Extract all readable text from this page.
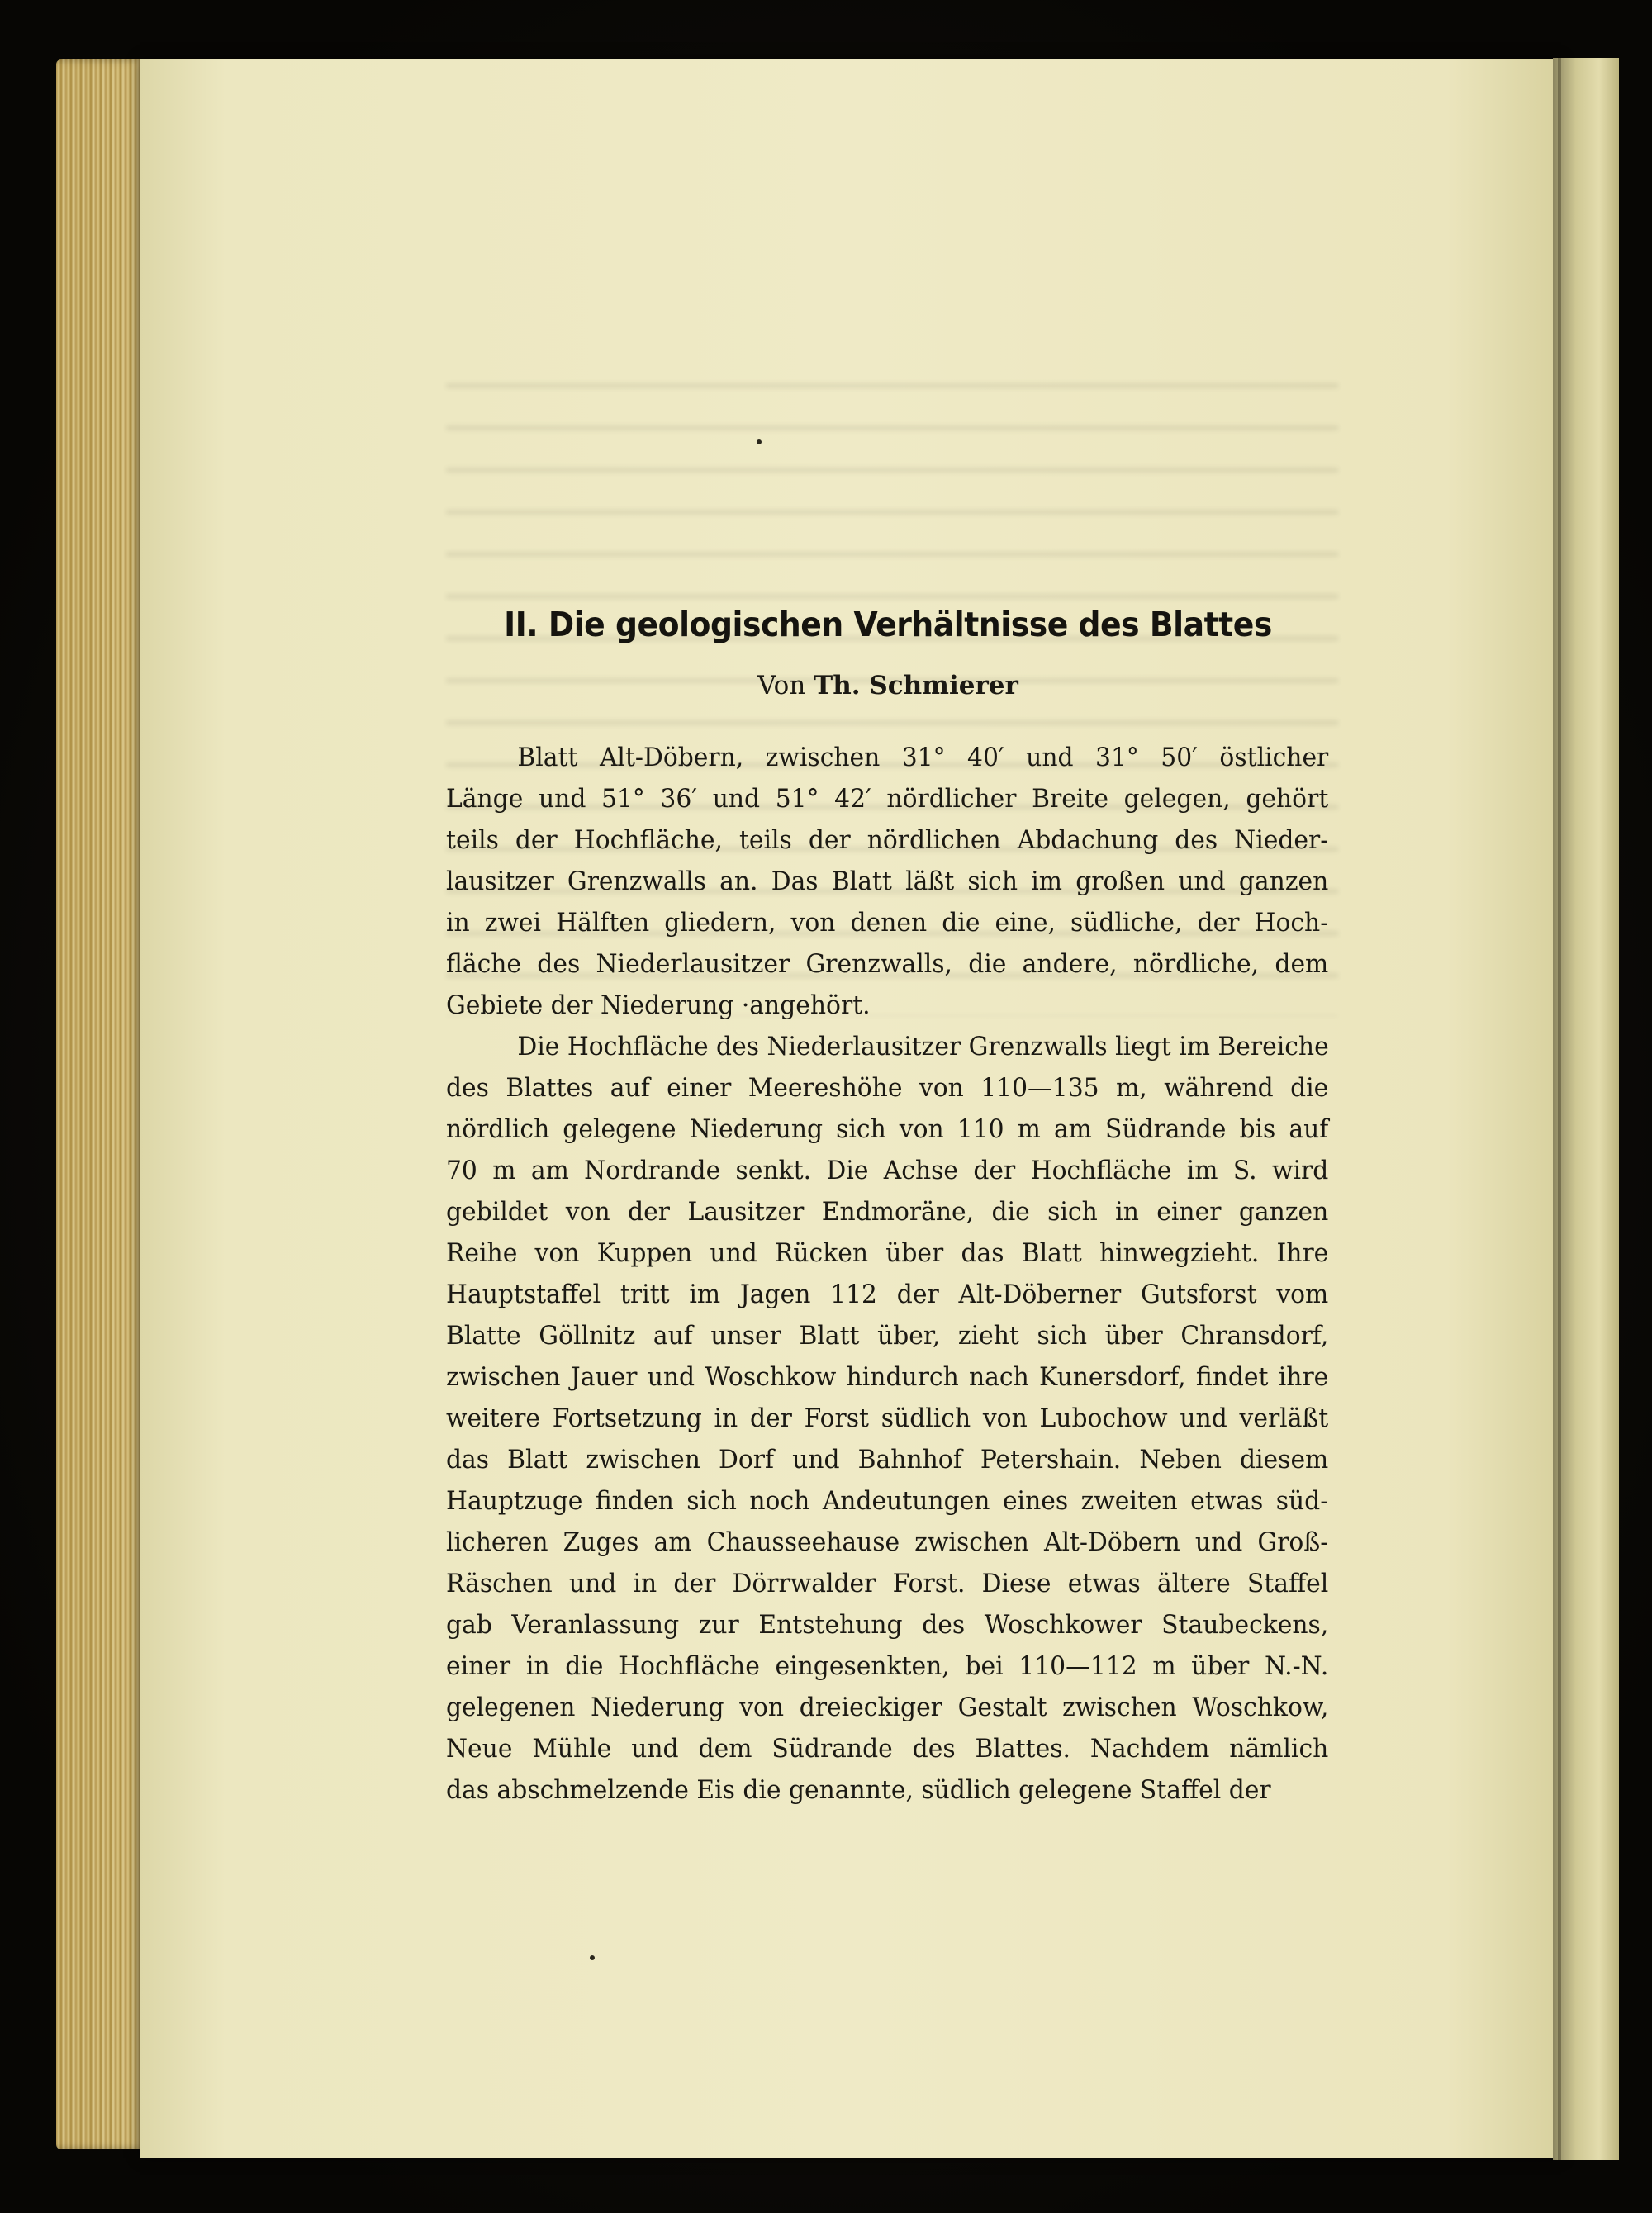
II. Die geologischen Verhältnisse des Blattes
Von Th. Schmierer
Blatt Alt-Döbern, zwischen 31° 40′ und 31° 50′ östlicher
Länge und 51° 36′ und 51° 42′ nördlicher Breite gelegen, gehört
teils der Hochfläche, teils der nördlichen Abdachung des Nieder-
lausitzer Grenzwalls an. Das Blatt läßt sich im großen und ganzen
in zwei Hälften gliedern, von denen die eine, südliche, der Hoch-
fläche des Niederlausitzer Grenzwalls, die andere, nördliche, dem
Gebiete der Niederung ·angehört.
Die Hochfläche des Niederlausitzer Grenzwalls liegt im Bereiche
des Blattes auf einer Meereshöhe von 110—135 m, während die
nördlich gelegene Niederung sich von 110 m am Südrande bis auf
70 m am Nordrande senkt. Die Achse der Hochfläche im S. wird
gebildet von der Lausitzer Endmoräne, die sich in einer ganzen
Reihe von Kuppen und Rücken über das Blatt hinwegzieht. Ihre
Hauptstaffel tritt im Jagen 112 der Alt-Döberner Gutsforst vom
Blatte Göllnitz auf unser Blatt über, zieht sich über Chransdorf,
zwischen Jauer und Woschkow hindurch nach Kunersdorf, findet ihre
weitere Fortsetzung in der Forst südlich von Lubochow und verläßt
das Blatt zwischen Dorf und Bahnhof Petershain. Neben diesem
Hauptzuge finden sich noch Andeutungen eines zweiten etwas süd-
licheren Zuges am Chausseehause zwischen Alt-Döbern und Groß-
Räschen und in der Dörrwalder Forst. Diese etwas ältere Staffel
gab Veranlassung zur Entstehung des Woschkower Staubeckens,
einer in die Hochfläche eingesenkten, bei 110—112 m über N.-N.
gelegenen Niederung von dreieckiger Gestalt zwischen Woschkow,
Neue Mühle und dem Südrande des Blattes. Nachdem nämlich
das abschmelzende Eis die genannte, südlich gelegene Staffel der
